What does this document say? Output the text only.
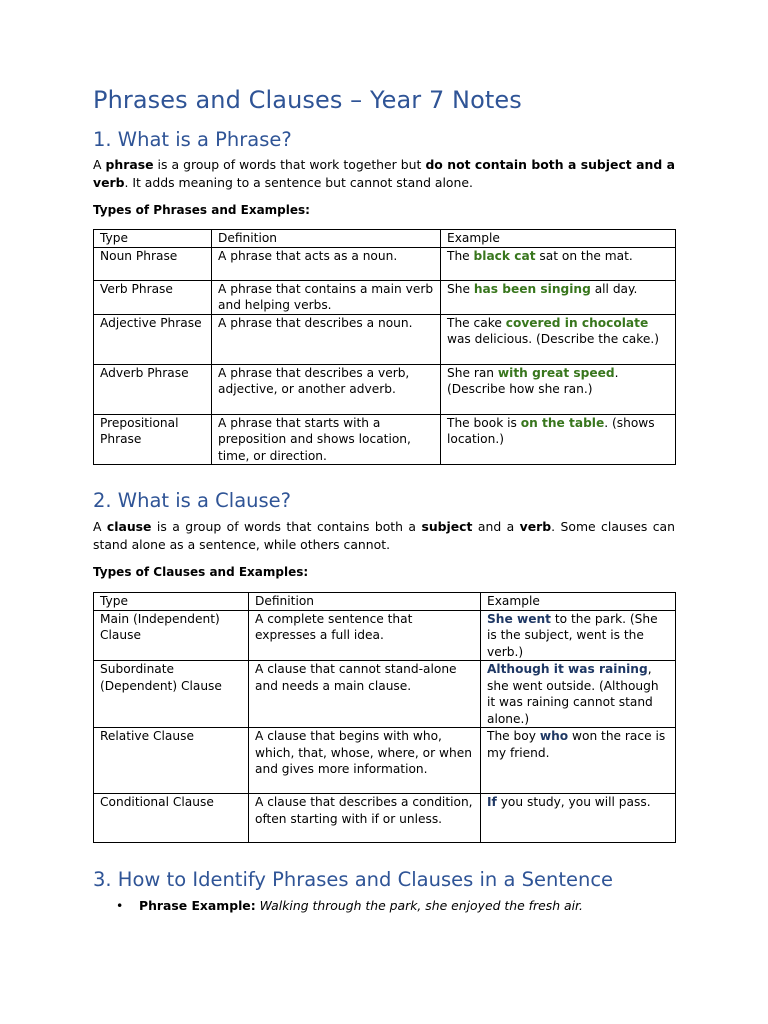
Phrases and Clauses – Year 7 Notes
1. What is a Phrase?

A phrase is a group of words that work together but do not contain both a subject and a verb. It adds meaning to a sentence but cannot stand alone.

Types of Phrases and Examples:

Type	Definition	Example
Noun Phrase	A phrase that acts as a noun.	The black cat sat on the mat.
Verb Phrase	A phrase that contains a main verb and helping verbs.	She has been singing all day.
Adjective Phrase	A phrase that describes a noun.	The cake covered in chocolate was delicious. (Describe the cake.)
Adverb Phrase	A phrase that describes a verb, adjective, or another adverb.	She ran with great speed. (Describe how she ran.)
Prepositional Phrase	A phrase that starts with a preposition and shows location, time, or direction.	The book is on the table. (shows location.)
2. What is a Clause?

A clause is a group of words that contains both a subject and a verb. Some clauses can stand alone as a sentence, while others cannot.

Types of Clauses and Examples:

Type	Definition	Example
Main (Independent) Clause	A complete sentence that expresses a full idea.	She went to the park. (She is the subject, went is the verb.)
Subordinate (Dependent) Clause	A clause that cannot stand-alone and needs a main clause.	Although it was raining, she went outside. (Although it was raining cannot stand alone.)
Relative Clause	A clause that begins with who, which, that, whose, where, or when and gives more information.	The boy who won the race is my friend.
Conditional Clause	A clause that describes a condition, often starting with if or unless.	If you study, you will pass.
3. How to Identify Phrases and Clauses in a Sentence
• Phrase Example: Walking through the park, she enjoyed the fresh air.
